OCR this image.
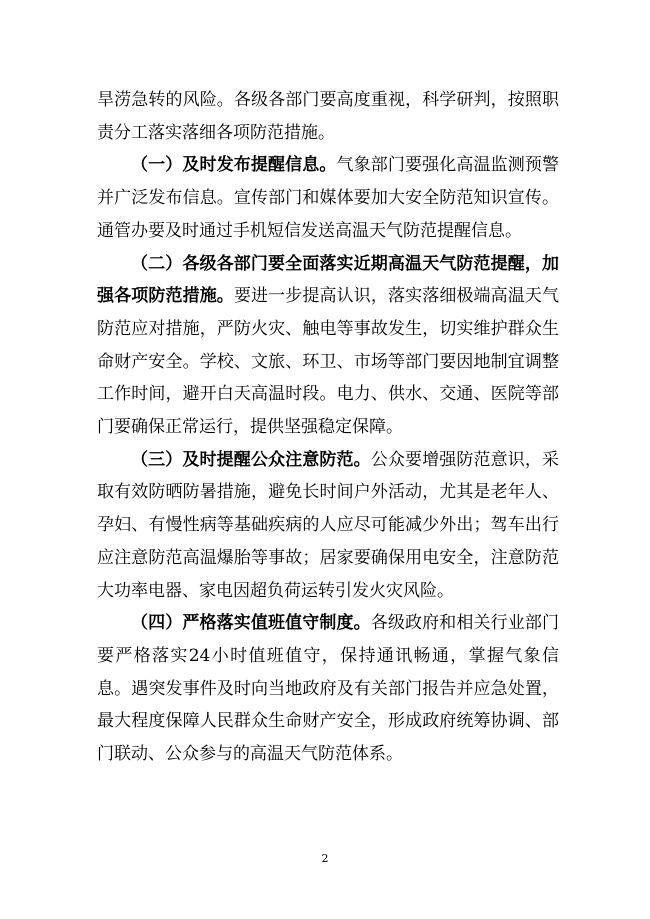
旱涝急转的风险。各级各部门要高度重视，科学研判，按照职责分工落实落细各项防范措施。

（一）及时发布提醒信息。气象部门要强化高温监测预警并广泛发布信息。宣传部门和媒体要加大安全防范知识宣传。通管办要及时通过手机短信发送高温天气防范提醒信息。

（二）各级各部门要全面落实近期高温天气防范提醒，加强各项防范措施。要进一步提高认识，落实落细极端高温天气防范应对措施，严防火灾、触电等事故发生，切实维护群众生命财产安全。学校、文旅、环卫、市场等部门要因地制宜调整工作时间，避开白天高温时段。电力、供水、交通、医院等部门要确保正常运行，提供坚强稳定保障。

（三）及时提醒公众注意防范。公众要增强防范意识，采取有效防晒防暑措施，避免长时间户外活动，尤其是老年人、孕妇、有慢性病等基础疾病的人应尽可能减少外出；驾车出行应注意防范高温爆胎等事故；居家要确保用电安全，注意防范大功率电器、家电因超负荷运转引发火灾风险。

（四）严格落实值班值守制度。各级政府和相关行业部门要严格落实24小时值班值守，保持通讯畅通，掌握气象信息。遇突发事件及时向当地政府及有关部门报告并应急处置，最大程度保障人民群众生命财产安全，形成政府统筹协调、部门联动、公众参与的高温天气防范体系。

2
